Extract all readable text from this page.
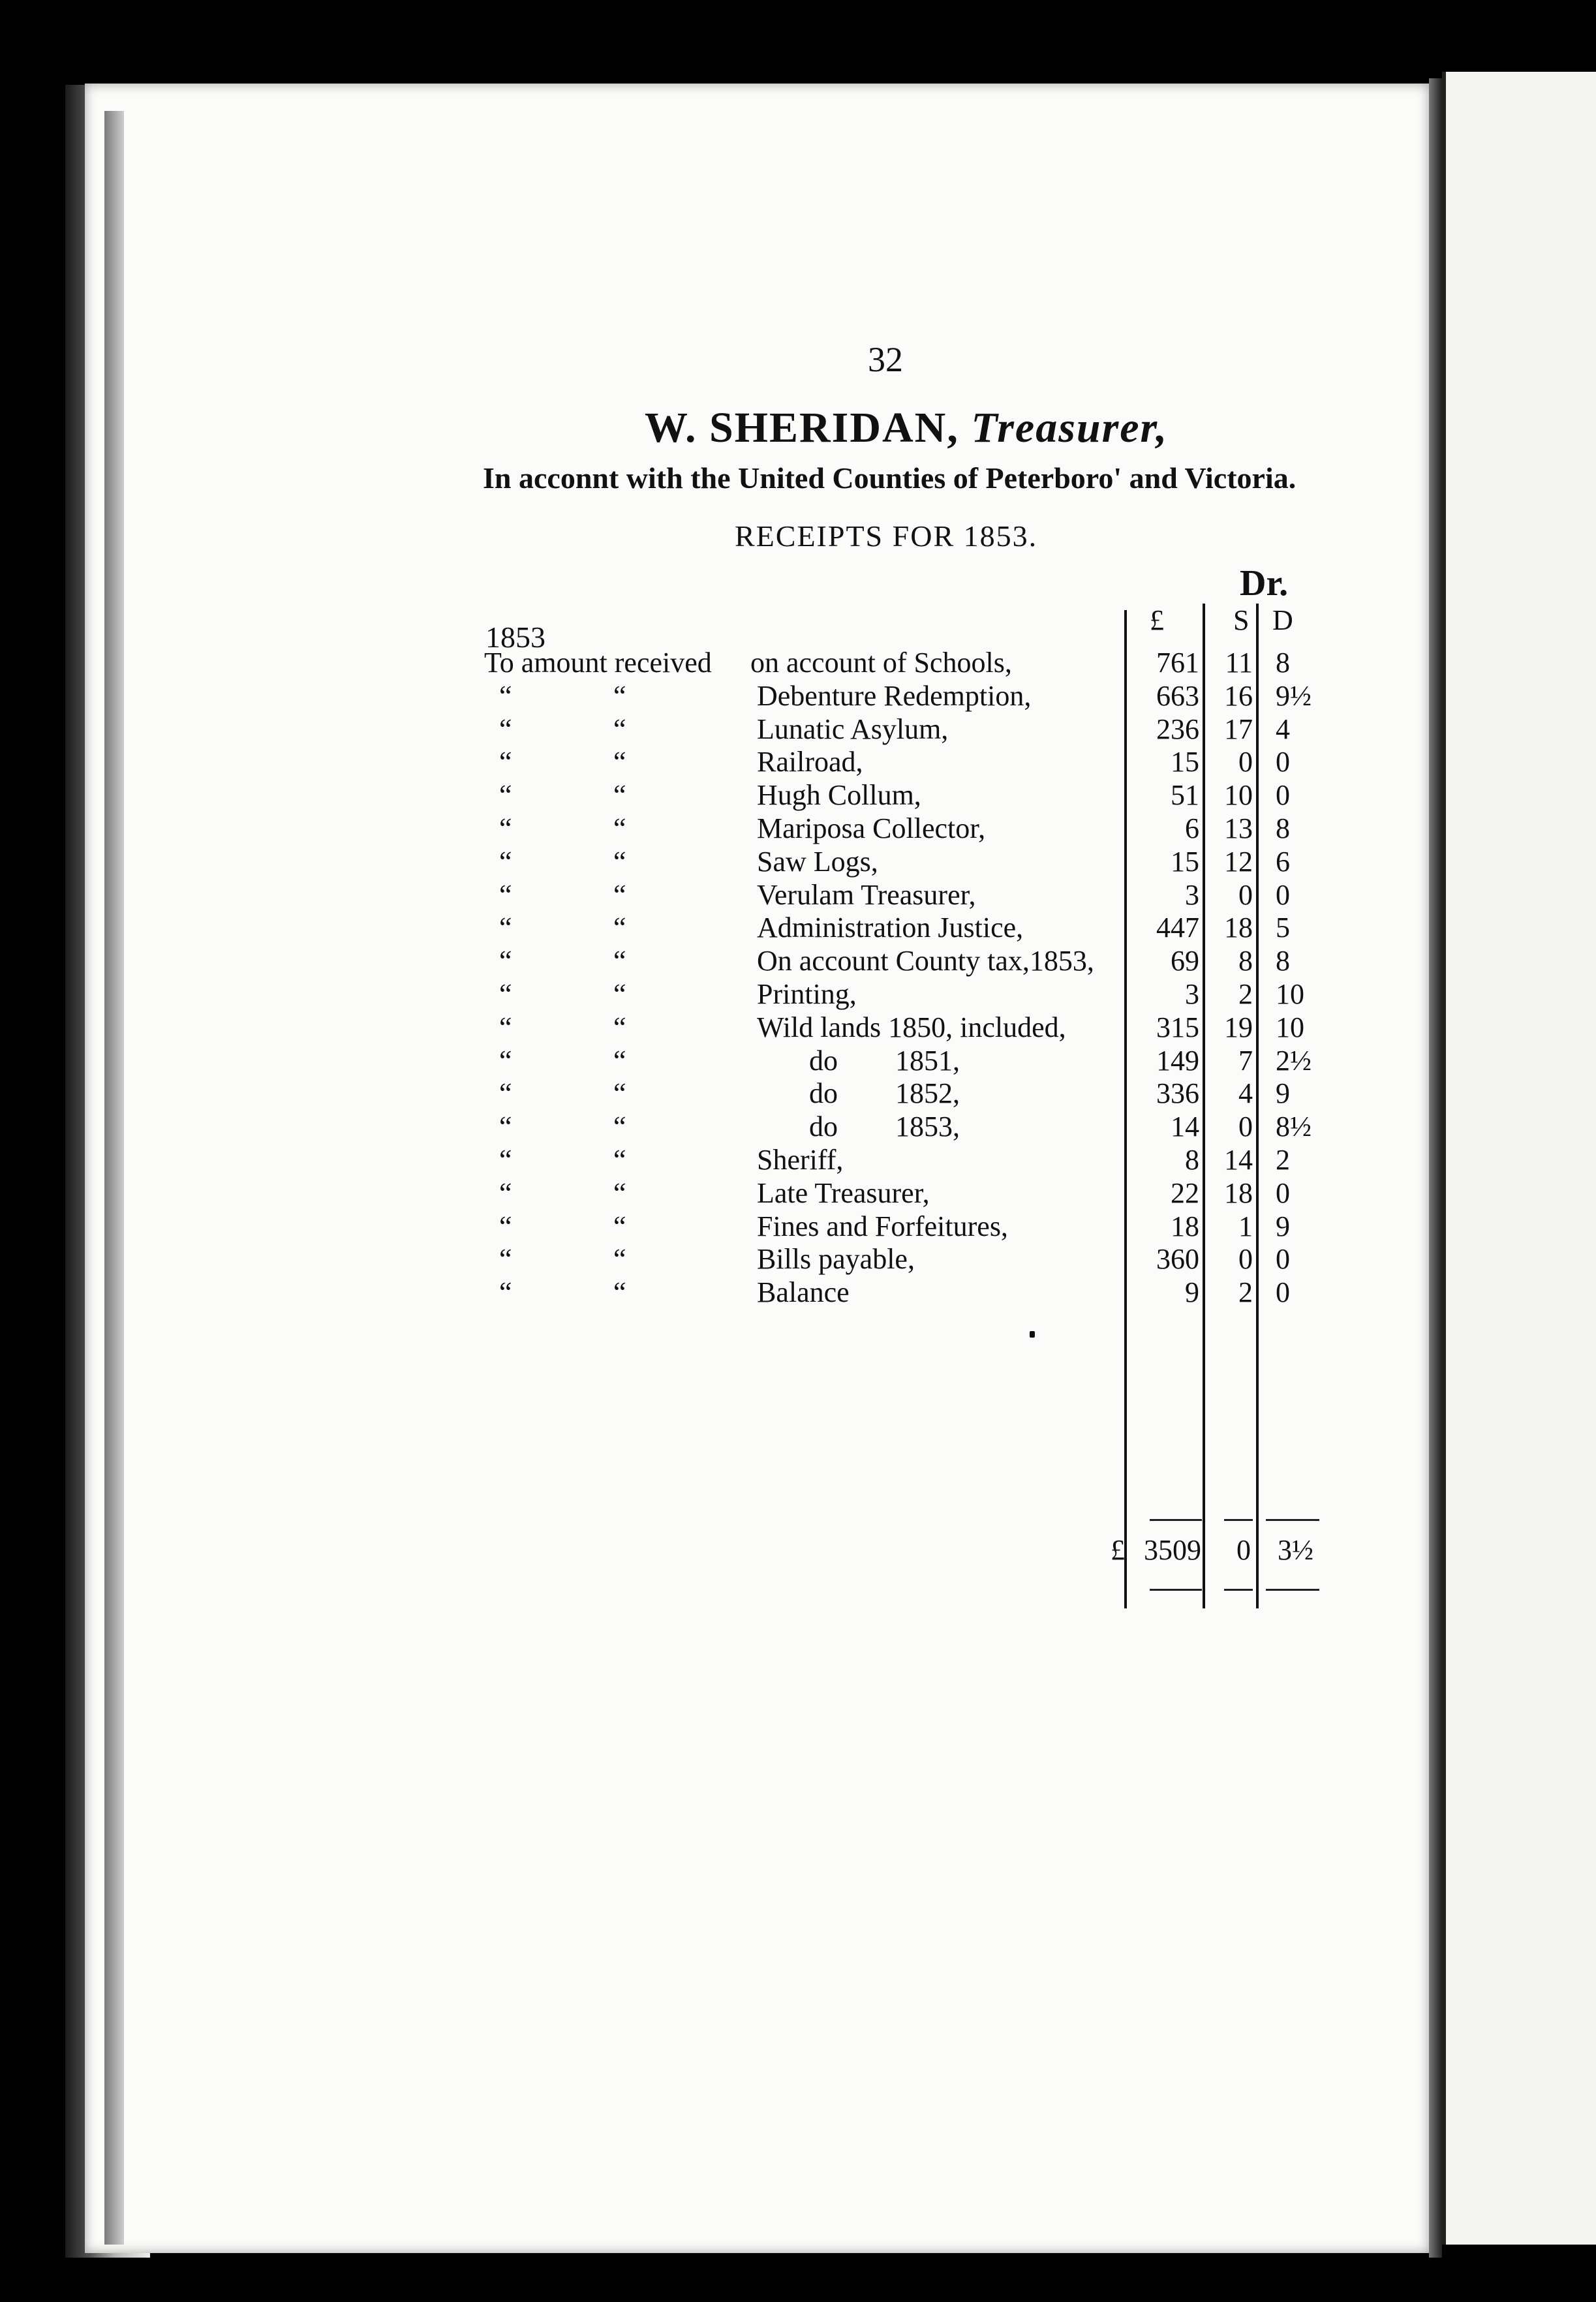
32
W. SHERIDAN, Treasurer,
In acconnt with the United Counties of Peterboro' and Victoria.
RECEIPTS FOR 1853.
Dr.
1853
£ S D
To amount received on account of Schools,	761 11 8
“	“	Debenture Redemption,	663 16 9½
“	“	Lunatic Asylum,	236 17 4
“	“	Railroad,	15	0 0
“	“	Hugh Collum,	51 10 0
“	“	Mariposa Collector,	6 13 8
“	“	Saw Logs,	15 12 6
“	“	Verulam Treasurer,	3	0 0
“	“	Administration Justice,	447 18 5
“	“	On account County tax,1853,	69	8 8
“	“	Printing,	3	2 10
“	“	Wild lands 1850, included,	315 19 10
“	“	do        1851,	149	7 2½
“	“	do        1852,	336	4 9
“	“	do        1853,	14	0 8½
“	“	Sheriff,	8 14 2
“	“	Late Treasurer,	22 18 0
“	“	Fines and Forfeitures,	18	1 9
“	“	Bills payable,	360	0 0
“	“	Balance	9	2 0
£ 3509 0 3½
